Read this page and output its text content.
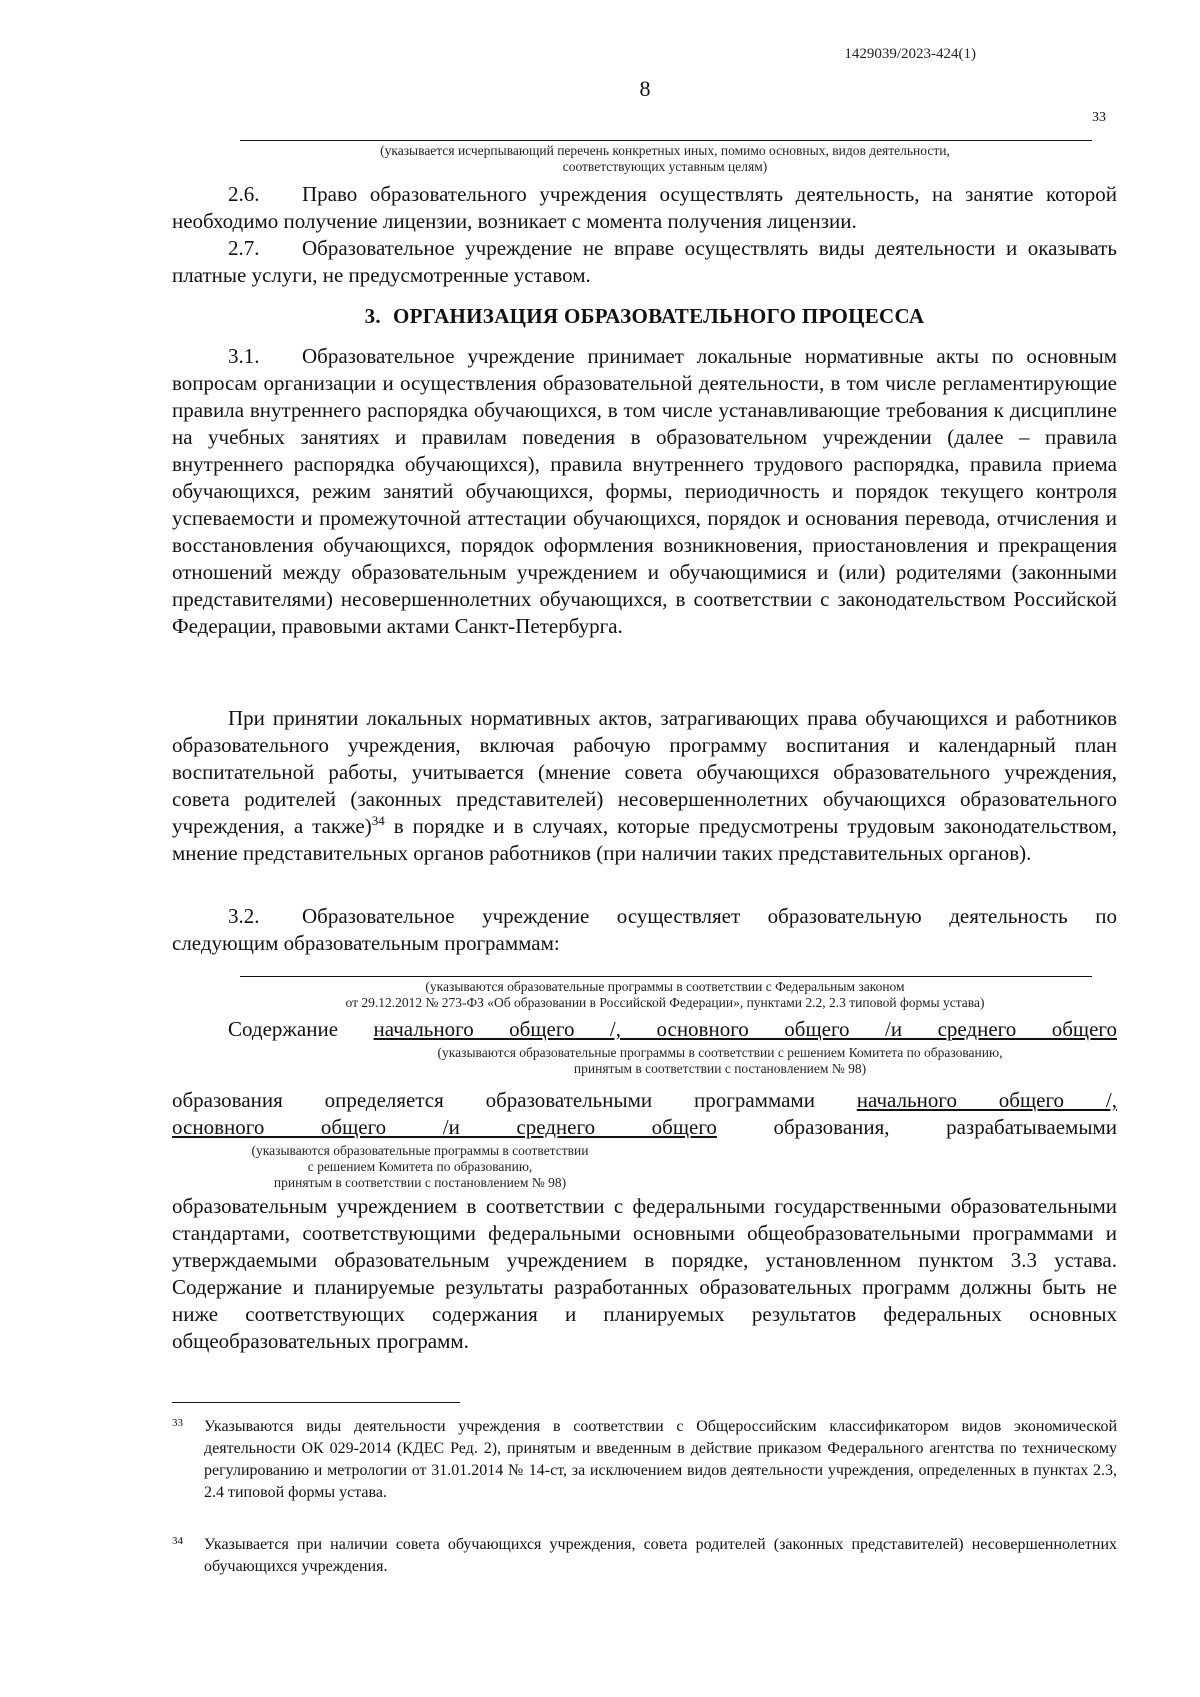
1429039/2023-424(1)
8
33
(указывается исчерпывающий перечень конкретных иных, помимо основных, видов деятельности,
соответствующих уставным целям)
2.6. Право образовательного учреждения осуществлять деятельность, на занятие которой необходимо получение лицензии, возникает с момента получения лицензии.
2.7. Образовательное учреждение не вправе осуществлять виды деятельности и оказывать платные услуги, не предусмотренные уставом.
3. ОРГАНИЗАЦИЯ ОБРАЗОВАТЕЛЬНОГО ПРОЦЕССА
3.1. Образовательное учреждение принимает локальные нормативные акты по основным вопросам организации и осуществления образовательной деятельности, в том числе регламентирующие правила внутреннего распорядка обучающихся, в том числе устанавливающие требования к дисциплине на учебных занятиях и правилам поведения в образовательном учреждении (далее – правила внутреннего распорядка обучающихся), правила внутреннего трудового распорядка, правила приема обучающихся, режим занятий обучающихся, формы, периодичность и порядок текущего контроля успеваемости и промежуточной аттестации обучающихся, порядок и основания перевода, отчисления и восстановления обучающихся, порядок оформления возникновения, приостановления и прекращения отношений между образовательным учреждением и обучающимися и (или) родителями (законными представителями) несовершеннолетних обучающихся, в соответствии с законодательством Российской Федерации, правовыми актами Санкт-Петербурга.
При принятии локальных нормативных актов, затрагивающих права обучающихся и работников образовательного учреждения, включая рабочую программу воспитания и календарный план воспитательной работы, учитывается (мнение совета обучающихся образовательного учреждения, совета родителей (законных представителей) несовершеннолетних обучающихся образовательного учреждения, а также)$^{34}$ в порядке и в случаях, которые предусмотрены трудовым законодательством, мнение представительных органов работников (при наличии таких представительных органов).
3.2. Образовательное учреждение осуществляет образовательную деятельность по следующим образовательным программам:
(указываются образовательные программы в соответствии с Федеральным законом
от 29.12.2012 № 273-ФЗ «Об образовании в Российской Федерации», пунктами 2.2, 2.3 типовой формы устава)
Содержание начального общего /, основного общего /и среднего общего
(указываются образовательные программы в соответствии с решением Комитета по образованию,
принятым в соответствии с постановлением № 98)
образования определяется образовательными программами начального общего /,
основного общего /и среднего общего	образования, разрабатываемыми
(указываются образовательные программы в соответствии
с решением Комитета по образованию,
принятым в соответствии с постановлением № 98)
образовательным учреждением в соответствии с федеральными государственными образовательными стандартами, соответствующими федеральными основными общеобразовательными программами и утверждаемыми образовательным учреждением в порядке, установленном пунктом 3.3 устава. Содержание и планируемые результаты разработанных образовательных программ должны быть не ниже соответствующих содержания и планируемых результатов федеральных основных общеобразовательных программ.
33	Указываются виды деятельности учреждения в соответствии с Общероссийским классификатором видов экономической деятельности ОК 029-2014 (КДЕС Ред. 2), принятым и введенным в действие приказом Федерального агентства по техническому регулированию и метрологии от 31.01.2014 № 14-ст, за исключением видов деятельности учреждения, определенных в пунктах 2.3, 2.4 типовой формы устава.
34	Указывается при наличии совета обучающихся учреждения, совета родителей (законных представителей) несовершеннолетних обучающихся учреждения.
